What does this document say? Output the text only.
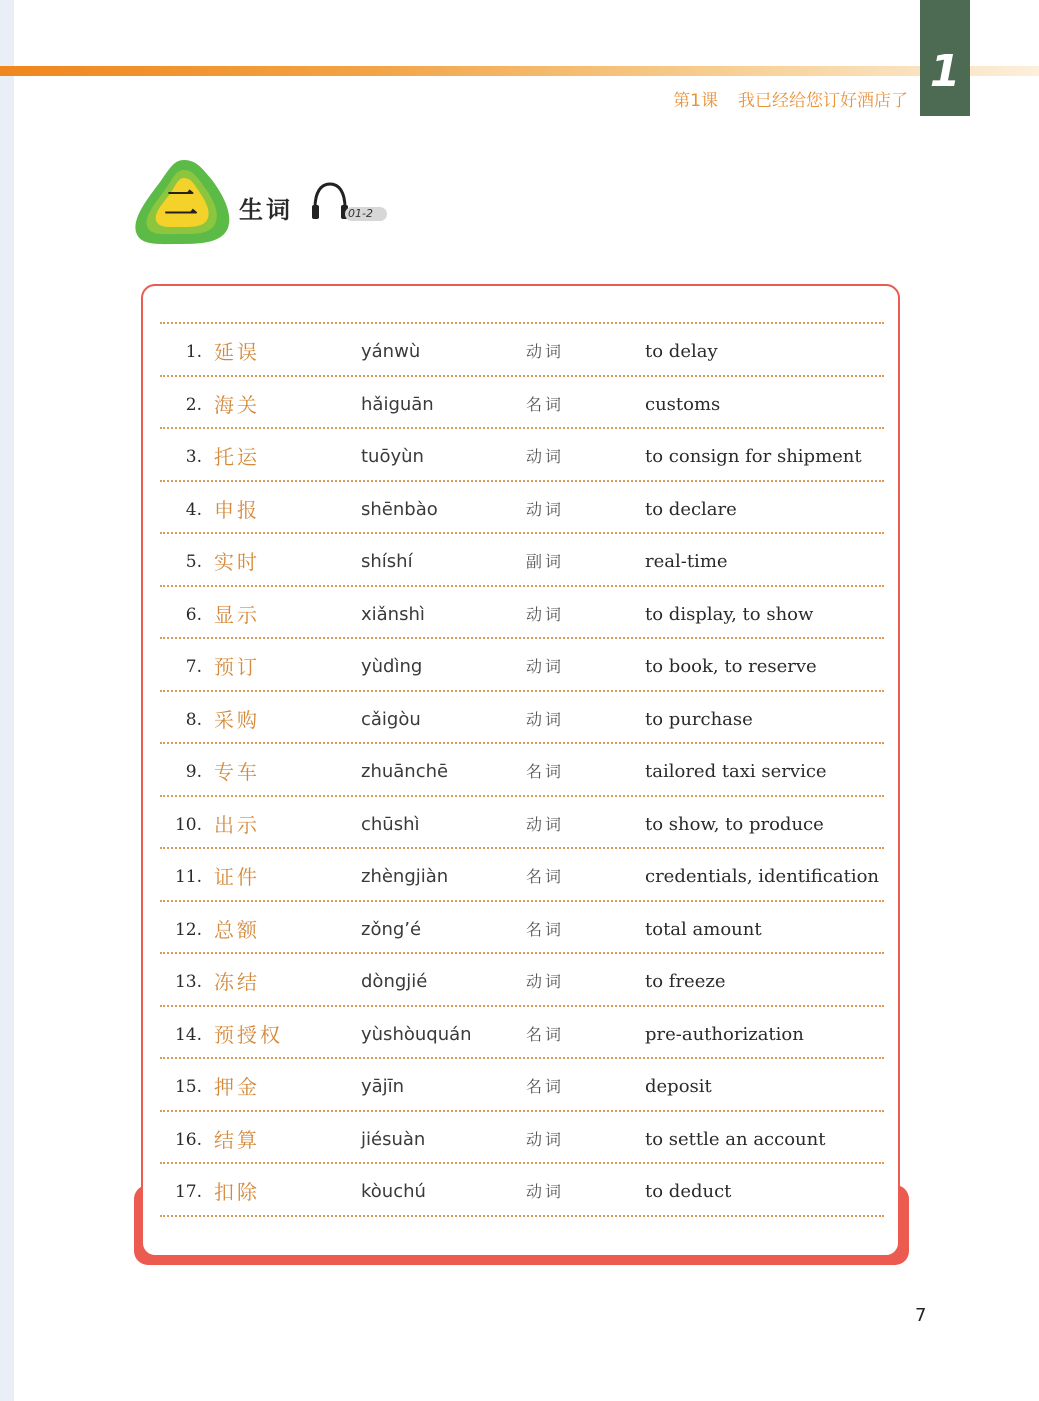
1
第1课 我已经给您订好酒店了
二 生词	01-2
1. 延误	yánwù	动词	to delay
2. 海关	hǎiguān	名词	customs
3. 托运	tuōyùn	动词	to consign for shipment
4. 申报	shēnbào	动词	to declare
5. 实时	shíshí	副词	real-time
6. 显示	xiǎnshì	动词	to display, to show
7. 预订	yùdìng	动词	to book, to reserve
8. 采购	cǎigòu	动词	to purchase
9. 专车	zhuānchē	名词	tailored taxi service
10. 出示	chūshì	动词	to show, to produce
11. 证件	zhèngjiàn	名词	credentials, identification
12. 总额	zǒng’é	名词	total amount
13. 冻结	dòngjié	动词	to freeze
14. 预授权	yùshòuquán	名词	pre-authorization
15. 押金	yājīn	名词	deposit
16. 结算	jiésuàn	动词	to settle an account
17. 扣除	kòuchú	动词	to deduct
7
